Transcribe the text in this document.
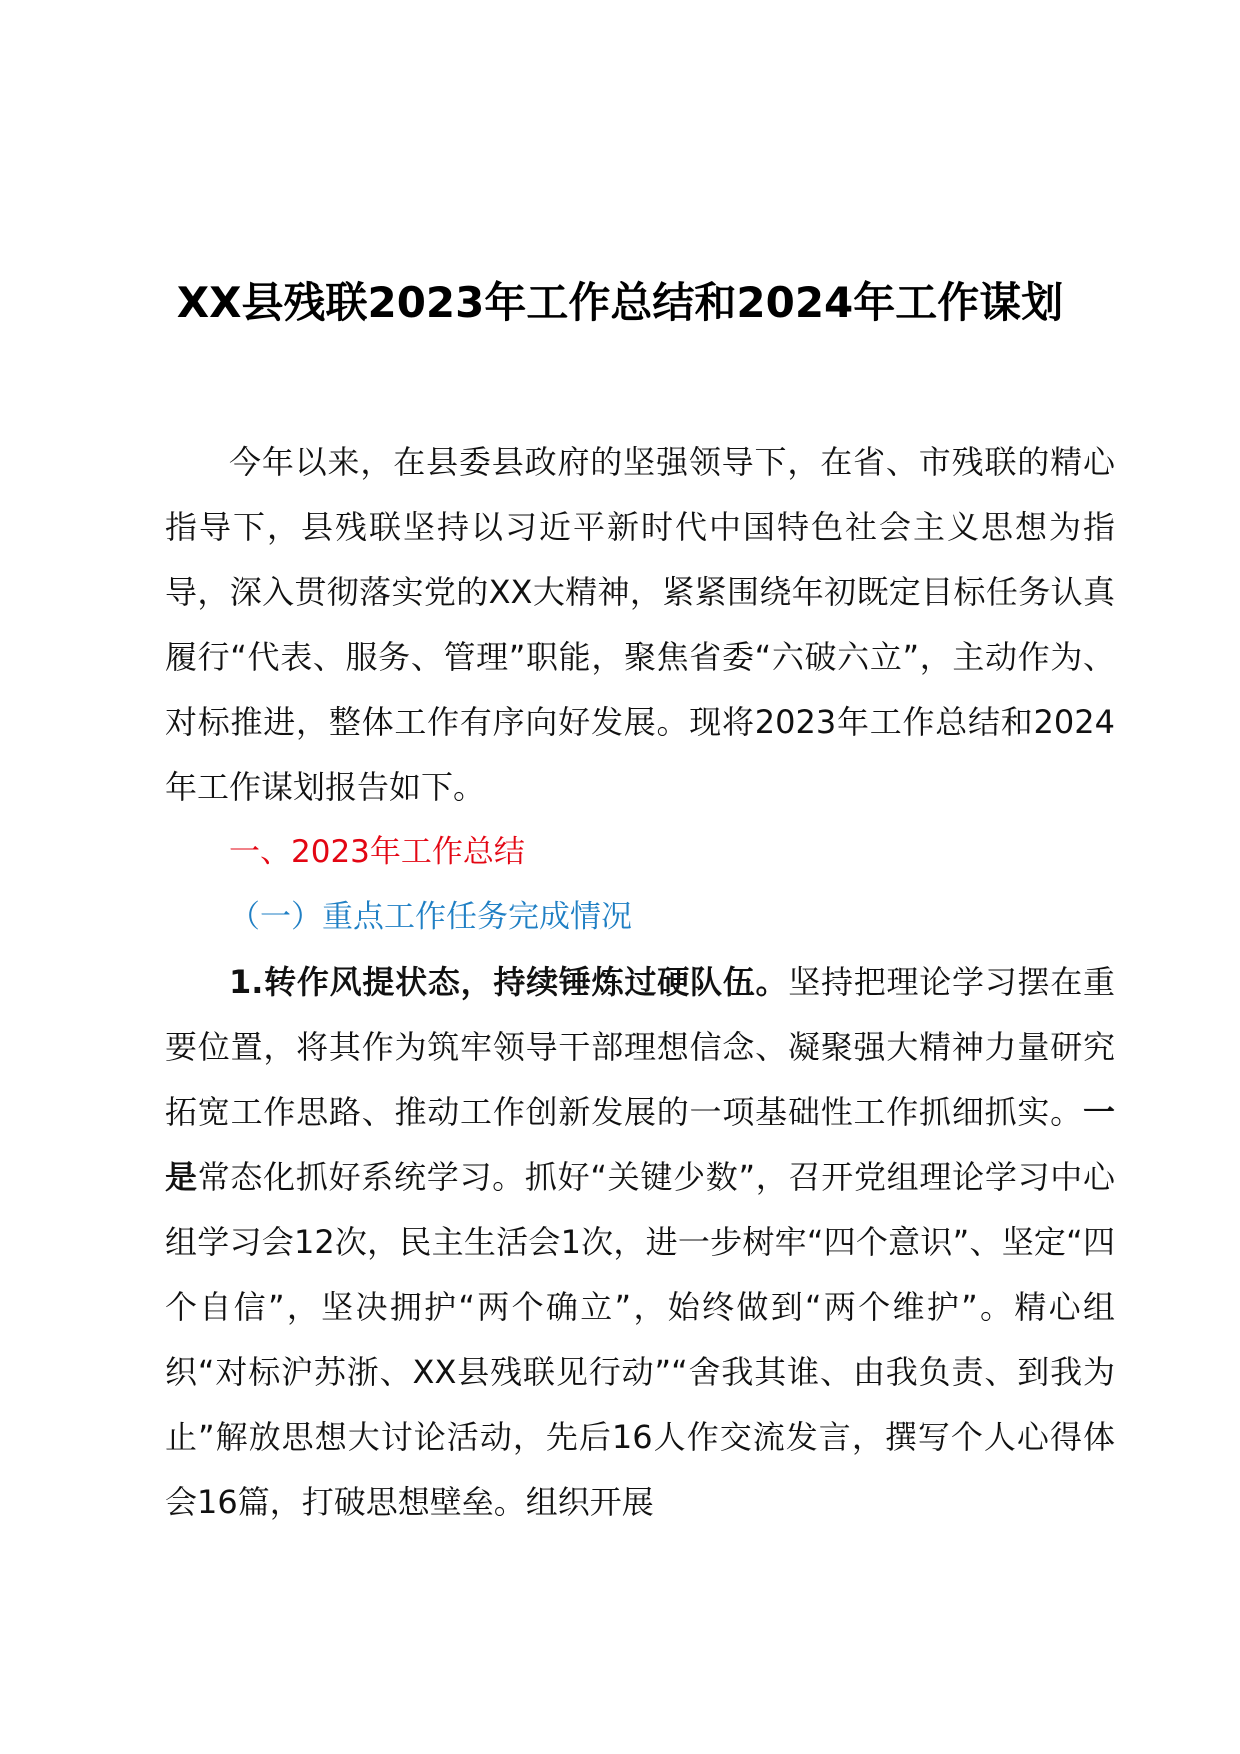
XX县残联2023年工作总结和2024年工作谋划

今年以来，在县委县政府的坚强领导下，在省、市残联的精心指导下，县残联坚持以习近平新时代中国特色社会主义思想为指导，深入贯彻落实党的XX大精神，紧紧围绕年初既定目标任务认真履行“代表、服务、管理”职能，聚焦省委“六破六立”，主动作为、对标推进，整体工作有序向好发展。现将2023年工作总结和2024年工作谋划报告如下。

一、2023年工作总结

（一）重点工作任务完成情况

1.转作风提状态，持续锤炼过硬队伍。坚持把理论学习摆在重要位置，将其作为筑牢领导干部理想信念、凝聚强大精神力量研究拓宽工作思路、推动工作创新发展的一项基础性工作抓细抓实。一是常态化抓好系统学习。抓好“关键少数”，召开党组理论学习中心组学习会12次，民主生活会1次，进一步树牢“四个意识”、坚定“四个自信”，坚决拥护“两个确立”，始终做到“两个维护”。精心组织“对标沪苏浙、XX县残联见行动”“舍我其谁、由我负责、到我为止”解放思想大讨论活动，先后16人作交流发言，撰写个人心得体会16篇，打破思想壁垒。组织开展
